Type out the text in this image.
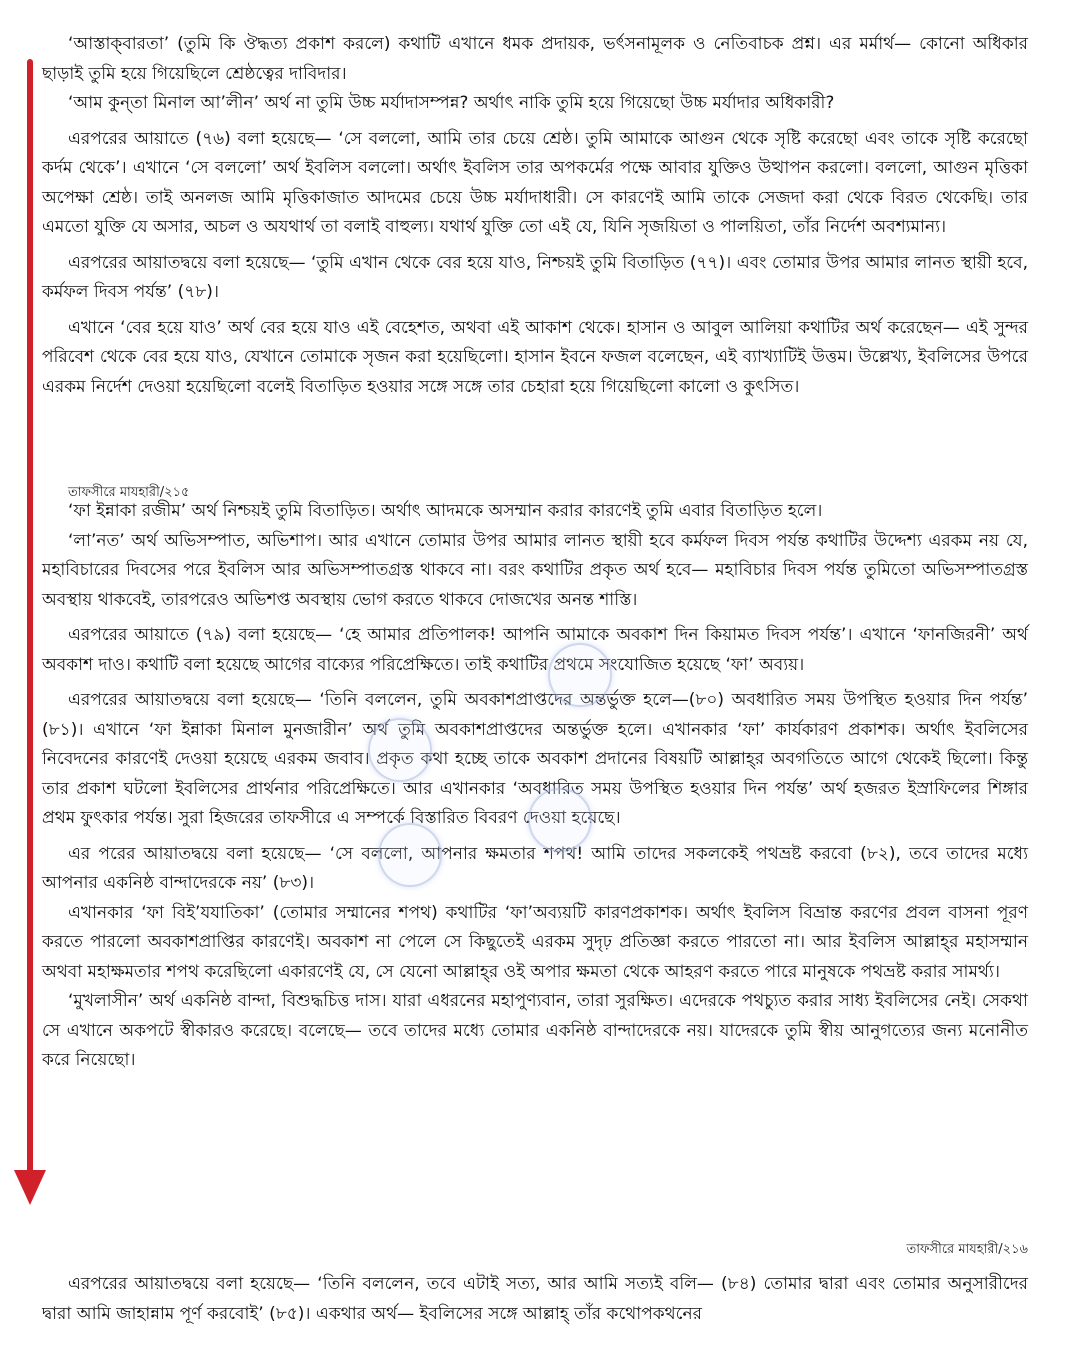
‘আস্তাক্‌বারতা’ (তুমি কি ঔদ্ধত্য প্রকাশ করলে) কথাটি এখানে ধমক প্রদায়ক, ভর্ৎসনামূলক ও নেতিবাচক প্রশ্ন। এর মর্মার্থ— কোনো অধিকার ছাড়াই তুমি হয়ে গিয়েছিলে শ্রেষ্ঠত্বের দাবিদার।

‘আম কুন্‌তা মিনাল আ’লীন’ অর্থ না তুমি উচ্চ মর্যাদাসম্পন্ন? অর্থাৎ নাকি তুমি হয়ে গিয়েছো উচ্চ মর্যাদার অধিকারী?

এরপরের আয়াতে (৭৬) বলা হয়েছে— ‘সে বললো, আমি তার চেয়ে শ্রেষ্ঠ। তুমি আমাকে আগুন থেকে সৃষ্টি করেছো এবং তাকে সৃষ্টি করেছো কর্দম থেকে’। এখানে ‘সে বললো’ অর্থ ইবলিস বললো। অর্থাৎ ইবলিস তার অপকর্মের পক্ষে আবার যুক্তিও উত্থাপন করলো। বললো, আগুন মৃত্তিকা অপেক্ষা শ্রেষ্ঠ। তাই অনলজ আমি মৃত্তিকাজাত আদমের চেয়ে উচ্চ মর্যাদাধারী। সে কারণেই আমি তাকে সেজদা করা থেকে বিরত থেকেছি। তার এমতো যুক্তি যে অসার, অচল ও অযথার্থ তা বলাই বাহুল্য। যথার্থ যুক্তি তো এই যে, যিনি সৃজয়িতা ও পালয়িতা, তাঁর নির্দেশ অবশ্যমান্য।

এরপরের আয়াতদ্বয়ে বলা হয়েছে— ‘তুমি এখান থেকে বের হয়ে যাও, নিশ্চয়ই তুমি বিতাড়িত (৭৭)। এবং তোমার উপর আমার লানত স্থায়ী হবে, কর্মফল দিবস পর্যন্ত’ (৭৮)।

এখানে ‘বের হয়ে যাও’ অর্থ বের হয়ে যাও এই বেহেশত, অথবা এই আকাশ থেকে। হাসান ও আবুল আলিয়া কথাটির অর্থ করেছেন— এই সুন্দর পরিবেশ থেকে বের হয়ে যাও, যেখানে তোমাকে সৃজন করা হয়েছিলো। হাসান ইবনে ফজল বলেছেন, এই ব্যাখ্যাটিই উত্তম। উল্লেখ্য, ইবলিসের উপরে এরকম নির্দেশ দেওয়া হয়েছিলো বলেই বিতাড়িত হওয়ার সঙ্গে সঙ্গে তার চেহারা হয়ে গিয়েছিলো কালো ও কুৎসিত।

তাফসীরে মাযহারী/২১৫

‘ফা ইন্নাকা রজীম’ অর্থ নিশ্চয়ই তুমি বিতাড়িত। অর্থাৎ আদমকে অসম্মান করার কারণেই তুমি এবার বিতাড়িত হলে।

‘লা’নত’ অর্থ অভিসম্পাত, অভিশাপ। আর এখানে তোমার উপর আমার লানত স্থায়ী হবে কর্মফল দিবস পর্যন্ত কথাটির উদ্দেশ্য এরকম নয় যে, মহাবিচারের দিবসের পরে ইবলিস আর অভিসম্পাতগ্রস্ত থাকবে না। বরং কথাটির প্রকৃত অর্থ হবে— মহাবিচার দিবস পর্যন্ত তুমিতো অভিসম্পাতগ্রস্ত অবস্থায় থাকবেই, তারপরেও অভিশপ্ত অবস্থায় ভোগ করতে থাকবে দোজখের অনন্ত শাস্তি।

এরপরের আয়াতে (৭৯) বলা হয়েছে— ‘হে আমার প্রতিপালক! আপনি আমাকে অবকাশ দিন কিয়ামত দিবস পর্যন্ত’। এখানে ‘ফানজিরনী’ অর্থ অবকাশ দাও। কথাটি বলা হয়েছে আগের বাক্যের পরিপ্রেক্ষিতে। তাই কথাটির প্রথমে সংযোজিত হয়েছে ‘ফা’ অব্যয়।

এরপরের আয়াতদ্বয়ে বলা হয়েছে— ‘তিনি বললেন, তুমি অবকাশপ্রাপ্তদের অন্তর্ভুক্ত হলে—(৮০) অবধারিত সময় উপস্থিত হওয়ার দিন পর্যন্ত’ (৮১)। এখানে ‘ফা ইন্নাকা মিনাল মুনজারীন’ অর্থ তুমি অবকাশপ্রাপ্তদের অন্তর্ভুক্ত হলে। এখানকার ‘ফা’ কার্যকারণ প্রকাশক। অর্থাৎ ইবলিসের নিবেদনের কারণেই দেওয়া হয়েছে এরকম জবাব। প্রকৃত কথা হচ্ছে তাকে অবকাশ প্রদানের বিষয়টি আল্লাহ্‌র অবগতিতে আগে থেকেই ছিলো। কিন্তু তার প্রকাশ ঘটলো ইবলিসের প্রার্থনার পরিপ্রেক্ষিতে। আর এখানকার ‘অবধারিত সময় উপস্থিত হওয়ার দিন পর্যন্ত’ অর্থ হজরত ইস্রাফিলের শিঙ্গার প্রথম ফুৎকার পর্যন্ত। সুরা হিজরের তাফসীরে এ সম্পর্কে বিস্তারিত বিবরণ দেওয়া হয়েছে।

এর পরের আয়াতদ্বয়ে বলা হয়েছে— ‘সে বললো, আপনার ক্ষমতার শপথ! আমি তাদের সকলকেই পথভ্রষ্ট করবো (৮২), তবে তাদের মধ্যে আপনার একনিষ্ঠ বান্দাদেরকে নয়’ (৮৩)।

এখানকার ‘ফা বিই’যযাতিকা’ (তোমার সম্মানের শপথ) কথাটির ‘ফা’অব্যয়টি কারণপ্রকাশক। অর্থাৎ ইবলিস বিভ্রান্ত করণের প্রবল বাসনা পূরণ করতে পারলো অবকাশপ্রাপ্তির কারণেই। অবকাশ না পেলে সে কিছুতেই এরকম সুদৃঢ় প্রতিজ্ঞা করতে পারতো না। আর ইবলিস আল্লাহ্‌র মহাসম্মান অথবা মহাক্ষমতার শপথ করেছিলো একারণেই যে, সে যেনো আল্লাহ্‌র ওই অপার ক্ষমতা থেকে আহরণ করতে পারে মানুষকে পথভ্রষ্ট করার সামর্থ্য।

‘মুখলাসীন’ অর্থ একনিষ্ঠ বান্দা, বিশুদ্ধচিত্ত দাস। যারা এধরনের মহাপুণ্যবান, তারা সুরক্ষিত। এদেরকে পথচ্যুত করার সাধ্য ইবলিসের নেই। সেকথা সে এখানে অকপটে স্বীকারও করেছে। বলেছে— তবে তাদের মধ্যে তোমার একনিষ্ঠ বান্দাদেরকে নয়। যাদেরকে তুমি স্বীয় আনুগত্যের জন্য মনোনীত করে নিয়েছো।

তাফসীরে মাযহারী/২১৬

এরপরের আয়াতদ্বয়ে বলা হয়েছে— ‘তিনি বললেন, তবে এটাই সত্য, আর আমি সত্যই বলি— (৮৪) তোমার দ্বারা এবং তোমার অনুসারীদের দ্বারা আমি জাহান্নাম পূর্ণ করবোই’ (৮৫)। একথার অর্থ— ইবলিসের সঙ্গে আল্লাহ্‌ তাঁর কথোপকথনের
